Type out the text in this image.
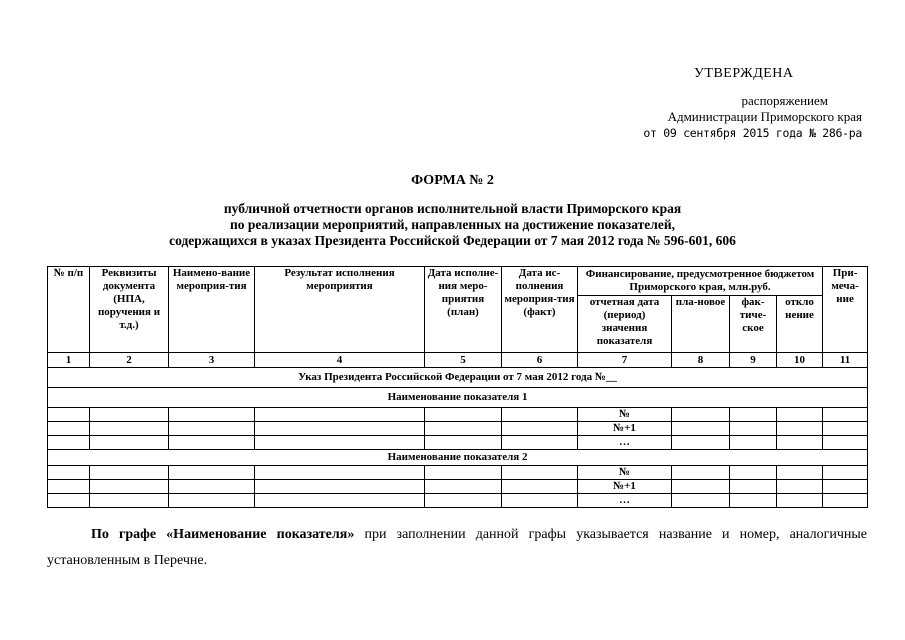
УТВЕРЖДЕНА
распоряжением
Администрации Приморского края
от 09 сентября 2015 года № 286-ра
ФОРМА № 2
публичной отчетности органов исполнительной власти Приморского края
по реализации мероприятий, направленных на достижение показателей,
содержащихся в указах Президента Российской Федерации от 7 мая 2012 года № 596-601, 606
№ п/п	Реквизиты документа (НПА, поручения и т.д.)	Наимено-вание мероприя-тия	Результат исполнения мероприятия	Дата исполне-ния меро-приятия (план)	Дата ис-полнения мероприя-тия (факт)	Финансирование, предусмотренное бюджетом Приморского края, млн.руб.				При-меча-ние
						отчетная дата (период) значения показателя	пла-новое	фак-тиче-ское	откло нение	
1	2	3	4	5	6	7	8	9	10	11
Указ Президента Российской Федерации от 7 мая 2012 года №__										
Наименование показателя 1										
						№				
						№+1				
						…				
Наименование показателя 2										
						№				
						№+1				
						…				
По графе «Наименование показателя» при заполнении данной графы указывается название и номер, аналогичные установленным в Перечне.
